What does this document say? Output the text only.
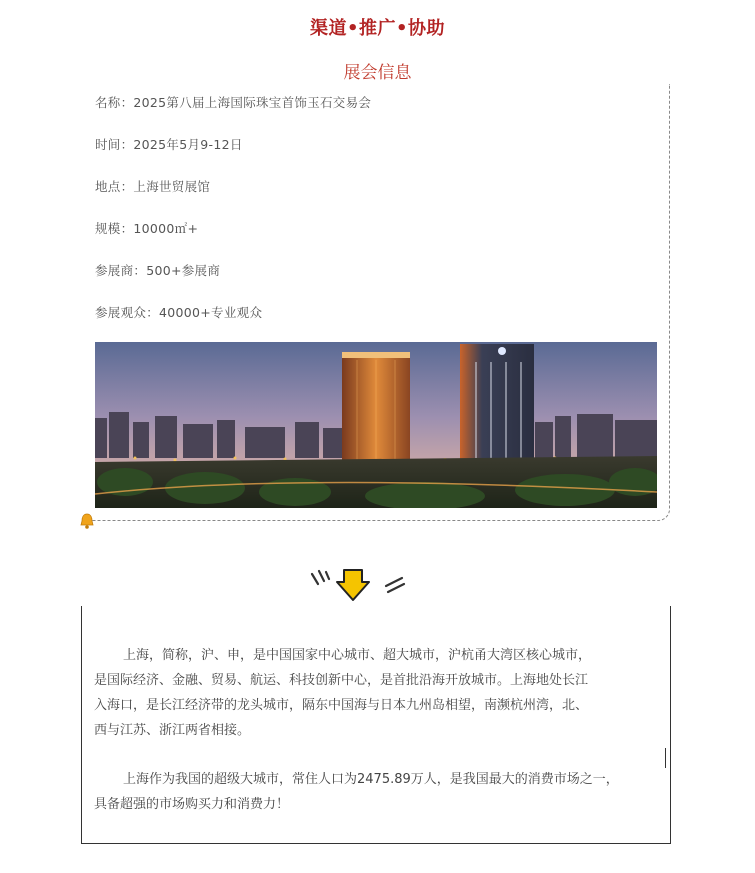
渠道•推广•协助
展会信息
名称：2025第八届上海国际珠宝首饰玉石交易会
时间：2025年5月9-12日
地点：上海世贸展馆
规模：10000㎡+
参展商：500+参展商
参展观众：40000+专业观众
上海，简称，沪、申，是中国国家中心城市、超大城市，沪杭甬大湾区核心城市，
是国际经济、金融、贸易、航运、科技创新中心，是首批沿海开放城市。上海地处长江
入海口，是长江经济带的龙头城市，隔东中国海与日本九州岛相望，南濒杭州湾，北、
西与江苏、浙江两省相接。
上海作为我国的超级大城市，常住人口为2475.89万人，是我国最大的消费市场之一，
具备超强的市场购买力和消费力！
